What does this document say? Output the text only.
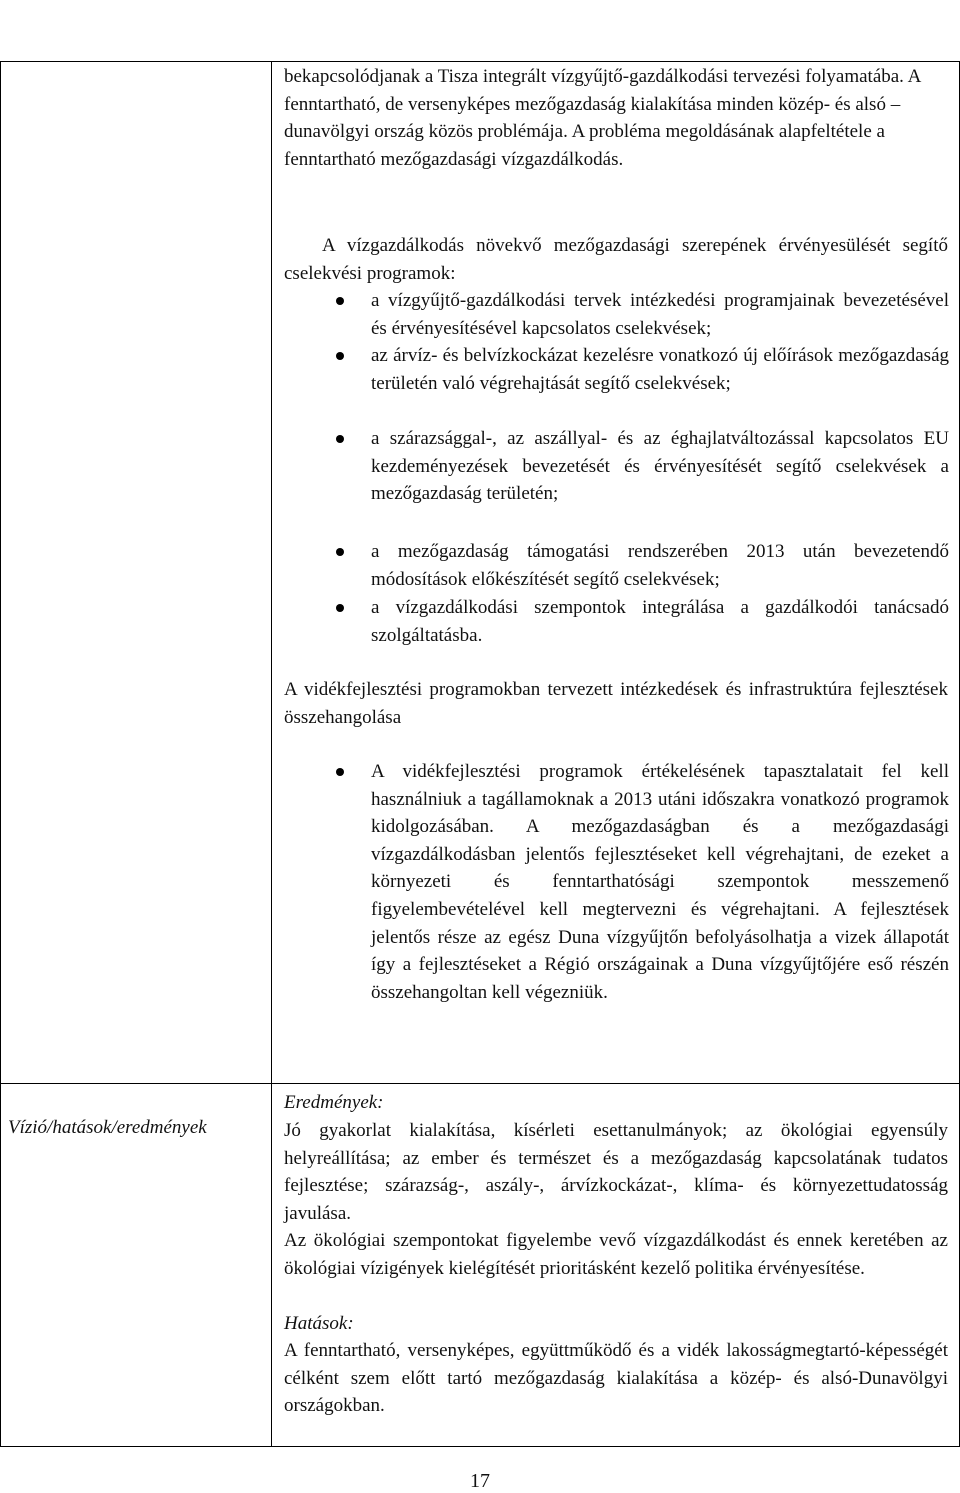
EDRS – Magyarország II. hozzájárulás tervezete
2010. április. 30.
bekapcsolódjanak a Tisza integrált vízgyűjtő-gazdálkodási tervezési folyamatába. A fenntartható, de versenyképes mezőgazdaság kialakítása minden közép- és alsó – dunavölgyi ország közös problémája. A probléma megoldásának alapfeltétele a fenntartható mezőgazdasági vízgazdálkodás.
A vízgazdálkodás növekvő mezőgazdasági szerepének érvényesülését segítő cselekvési programok:
a vízgyűjtő-gazdálkodási tervek intézkedési programjainak bevezetésével és érvényesítésével kapcsolatos cselekvések;
az árvíz- és belvízkockázat kezelésre vonatkozó új előírások mezőgazdaság területén való végrehajtását segítő cselekvések;
a szárazsággal-, az aszállyal- és az éghajlatváltozással kapcsolatos EU kezdeményezések bevezetését és érvényesítését segítő cselekvések a mezőgazdaság területén;
a mezőgazdaság támogatási rendszerében 2013 után bevezetendő módosítások előkészítését segítő cselekvések;
a vízgazdálkodási szempontok integrálása a gazdálkodói tanácsadó szolgáltatásba.
A vidékfejlesztési programokban tervezett intézkedések és infrastruktúra fejlesztések összehangolása
A vidékfejlesztési programok értékelésének tapasztalatait fel kell használniuk a tagállamoknak a 2013 utáni időszakra vonatkozó programok kidolgozásában. A mezőgazdaságban és a mezőgazdasági vízgazdálkodásban jelentős fejlesztéseket kell végrehajtani, de ezeket a környezeti és fenntarthatósági szempontok messzemenő figyelembevételével kell megtervezni és végrehajtani. A fejlesztések jelentős része az egész Duna vízgyűjtőn befolyásolhatja a vizek állapotát így a fejlesztéseket a Régió országainak a Duna vízgyűjtőjére eső részén összehangoltan kell végezniük.
Vízió/hatások/eredmények
Eredmények:
Jó gyakorlat kialakítása, kísérleti esettanulmányok; az ökológiai egyensúly helyreállítása; az ember és természet és a mezőgazdaság kapcsolatának tudatos fejlesztése; szárazság-, aszály-, árvízkockázat-, klíma- és környezettudatosság javulása.
Az ökológiai szempontokat figyelembe vevő vízgazdálkodást és ennek keretében az ökológiai vízigények kielégítését prioritásként kezelő politika érvényesítése.
Hatások:
A fenntartható, versenyképes, együttműködő és a vidék lakosságmegtartó-képességét célként szem előtt tartó mezőgazdaság kialakítása a közép- és alsó-Dunavölgyi országokban.
17
